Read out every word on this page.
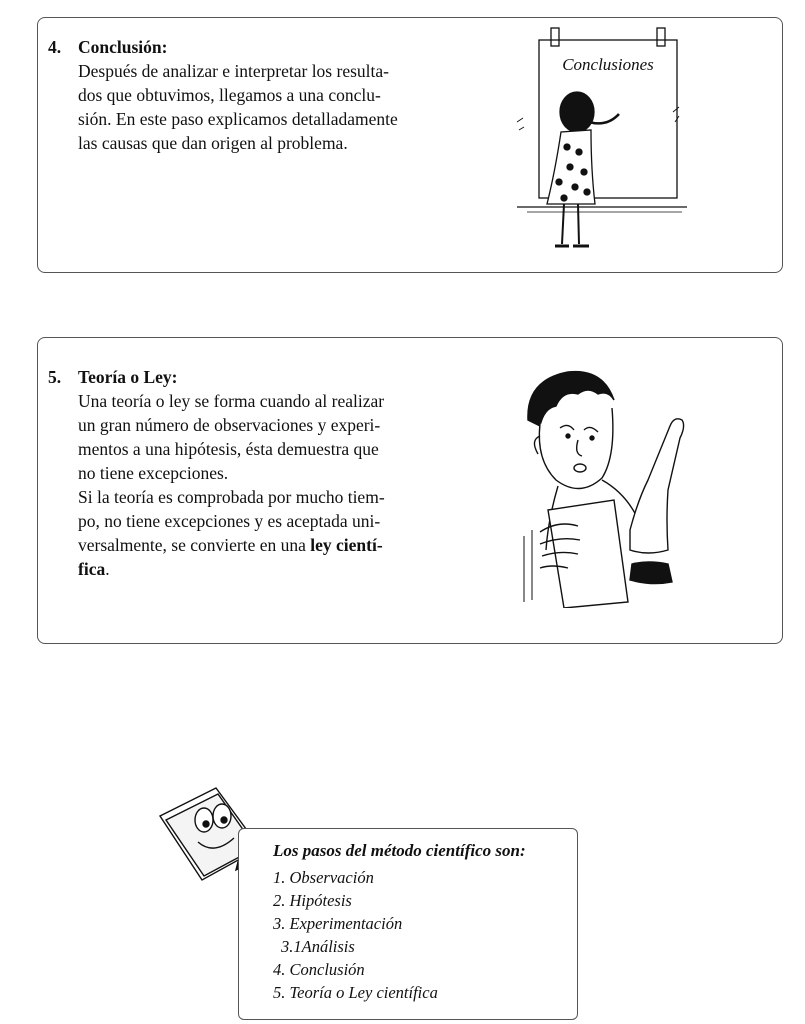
4. Conclusión:

Después de analizar e interpretar los resulta-

dos que obtuvimos, llegamos a una conclu-

sión. En este paso explicamos detalladamente

las causas que dan origen al problema.

Conclusiones
5. Teoría o Ley:

Una teoría o ley se forma cuando al realizar

un gran número de observaciones y experi-

mentos a una hipótesis, ésta demuestra que

no tiene excepciones.

Si la teoría es comprobada por mucho tiem-

po, no tiene excepciones y es aceptada uni-

versalmente, se convierte en una ley cientí-

fica.

Los pasos del método científico son:
1. Observación
2. Hipótesis
3. Experimentación
3.1Análisis
4. Conclusión
5. Teoría o Ley científica
